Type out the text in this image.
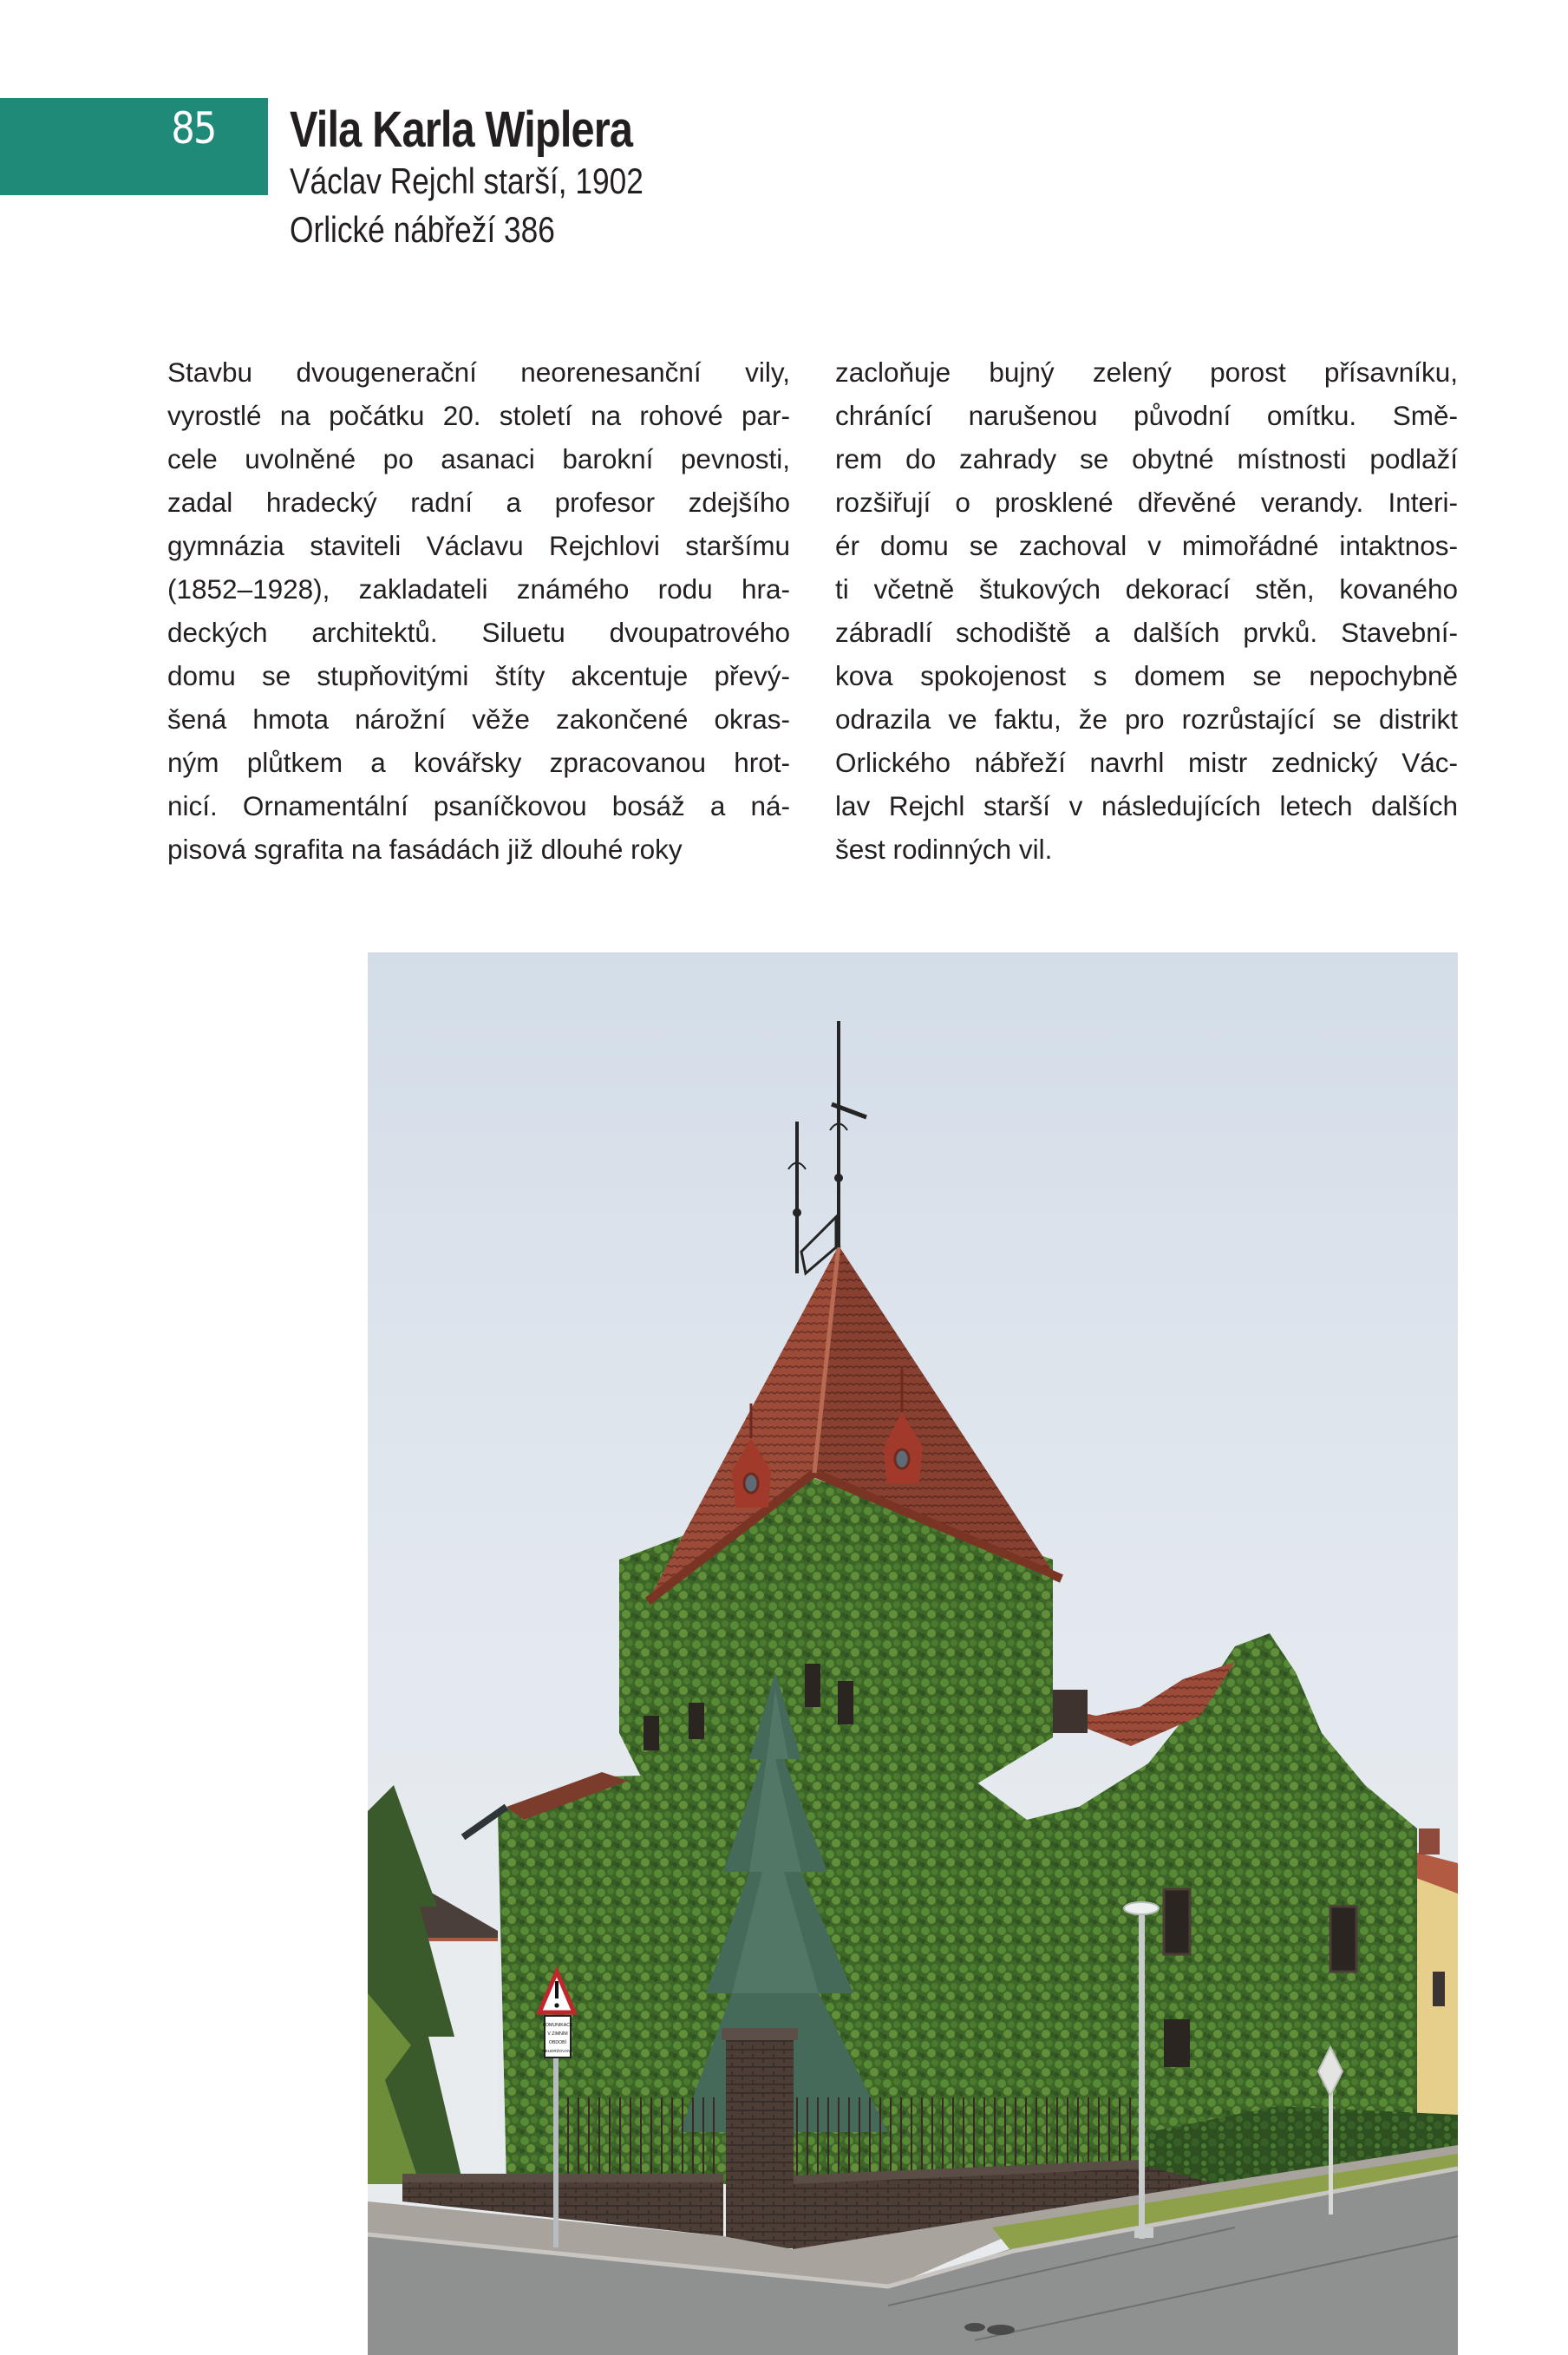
85 Vila Karla Wiplera
Václav Rejchl starší, 1902
Orlické nábřeží 386
Stavbu dvougenerační neorenesanční vily,
vyrostlé na počátku 20. století na rohové par-
cele uvolněné po asanaci barokní pevnosti,
zadal hradecký radní a profesor zdejšího
gymnázia staviteli Václavu Rejchlovi staršímu
(1852–1928), zakladateli známého rodu hra-
deckých architektů. Siluetu dvoupatrového
domu se stupňovitými štíty akcentuje převý-
šená hmota nárožní věže zakončené okras-
ným plůtkem a kovářsky zpracovanou hrot-
nicí. Ornamentální psaníčkovou bosáž a ná-
pisová sgrafita na fasádách již dlouhé roky
zacloňuje bujný zelený porost přísavníku,
chránící narušenou původní omítku. Smě-
rem do zahrady se obytné místnosti podlaží
rozšiřují o prosklené dřevěné verandy. Interi-
ér domu se zachoval v mimořádné intaktnos-
ti včetně štukových dekorací stěn, kovaného
zábradlí schodiště a dalších prvků. Stavební-
kova spokojenost s domem se nepochybně
odrazila ve faktu, že pro rozrůstající se distrikt
Orlického nábřeží navrhl mistr zednický Vác-
lav Rejchl starší v následujících letech dalších
šest rodinných vil.
KOMUNIKACE
V ZIMNÍM
OBDOBÍ
NEUDRŽOVÁNA
